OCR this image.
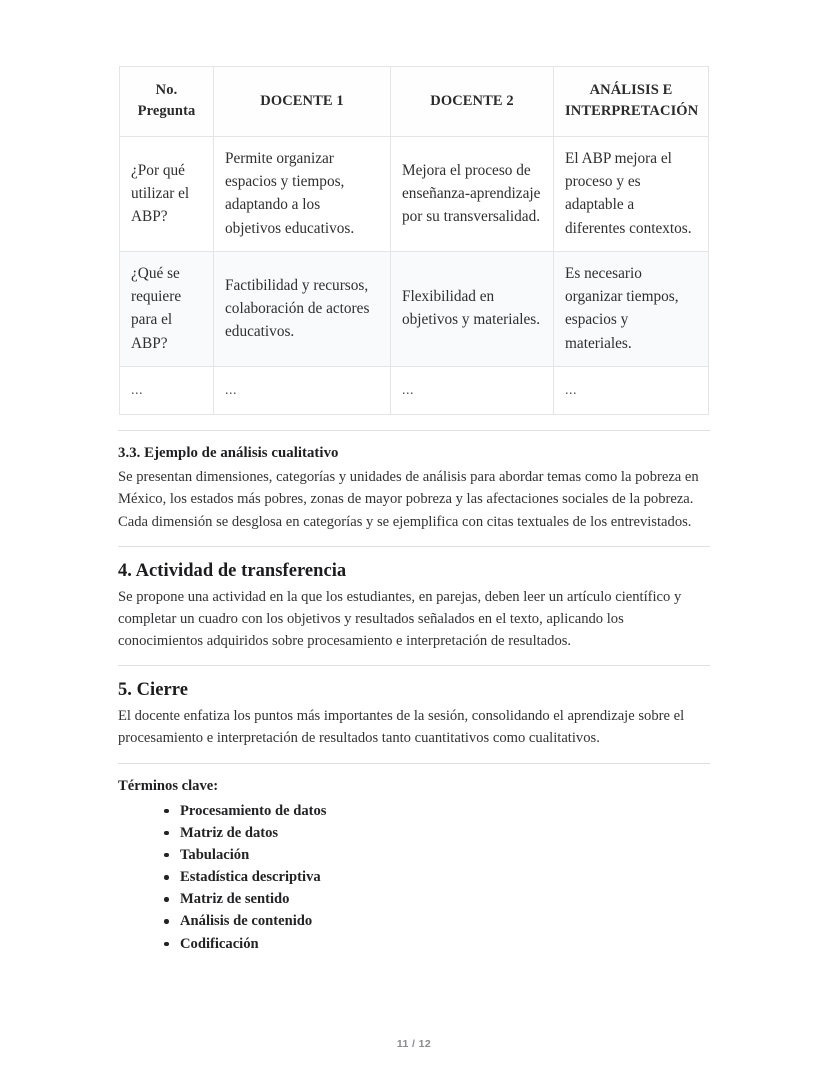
No. Pregunta	DOCENTE 1	DOCENTE 2	ANÁLISIS E INTERPRETACIÓN
¿Por qué utilizar el ABP?	Permite organizar espacios y tiempos, adaptando a los objetivos educativos.	Mejora el proceso de enseñanza-aprendizaje por su transversalidad.	El ABP mejora el proceso y es adaptable a diferentes contextos.
¿Qué se requiere para el ABP?	Factibilidad y recursos, colaboración de actores educativos.	Flexibilidad en objetivos y materiales.	Es necesario organizar tiempos, espacios y materiales.
...	...	...	...
3.3. Ejemplo de análisis cualitativo

Se presentan dimensiones, categorías y unidades de análisis para abordar temas como la pobreza en México, los estados más pobres, zonas de mayor pobreza y las afectaciones sociales de la pobreza. Cada dimensión se desglosa en categorías y se ejemplifica con citas textuales de los entrevistados.

4. Actividad de transferencia

Se propone una actividad en la que los estudiantes, en parejas, deben leer un artículo científico y completar un cuadro con los objetivos y resultados señalados en el texto, aplicando los conocimientos adquiridos sobre procesamiento e interpretación de resultados.

5. Cierre

El docente enfatiza los puntos más importantes de la sesión, consolidando el aprendizaje sobre el procesamiento e interpretación de resultados tanto cuantitativos como cualitativos.

Términos clave:
Procesamiento de datos
Matriz de datos
Tabulación
Estadística descriptiva
Matriz de sentido
Análisis de contenido
Codificación
11 / 12
